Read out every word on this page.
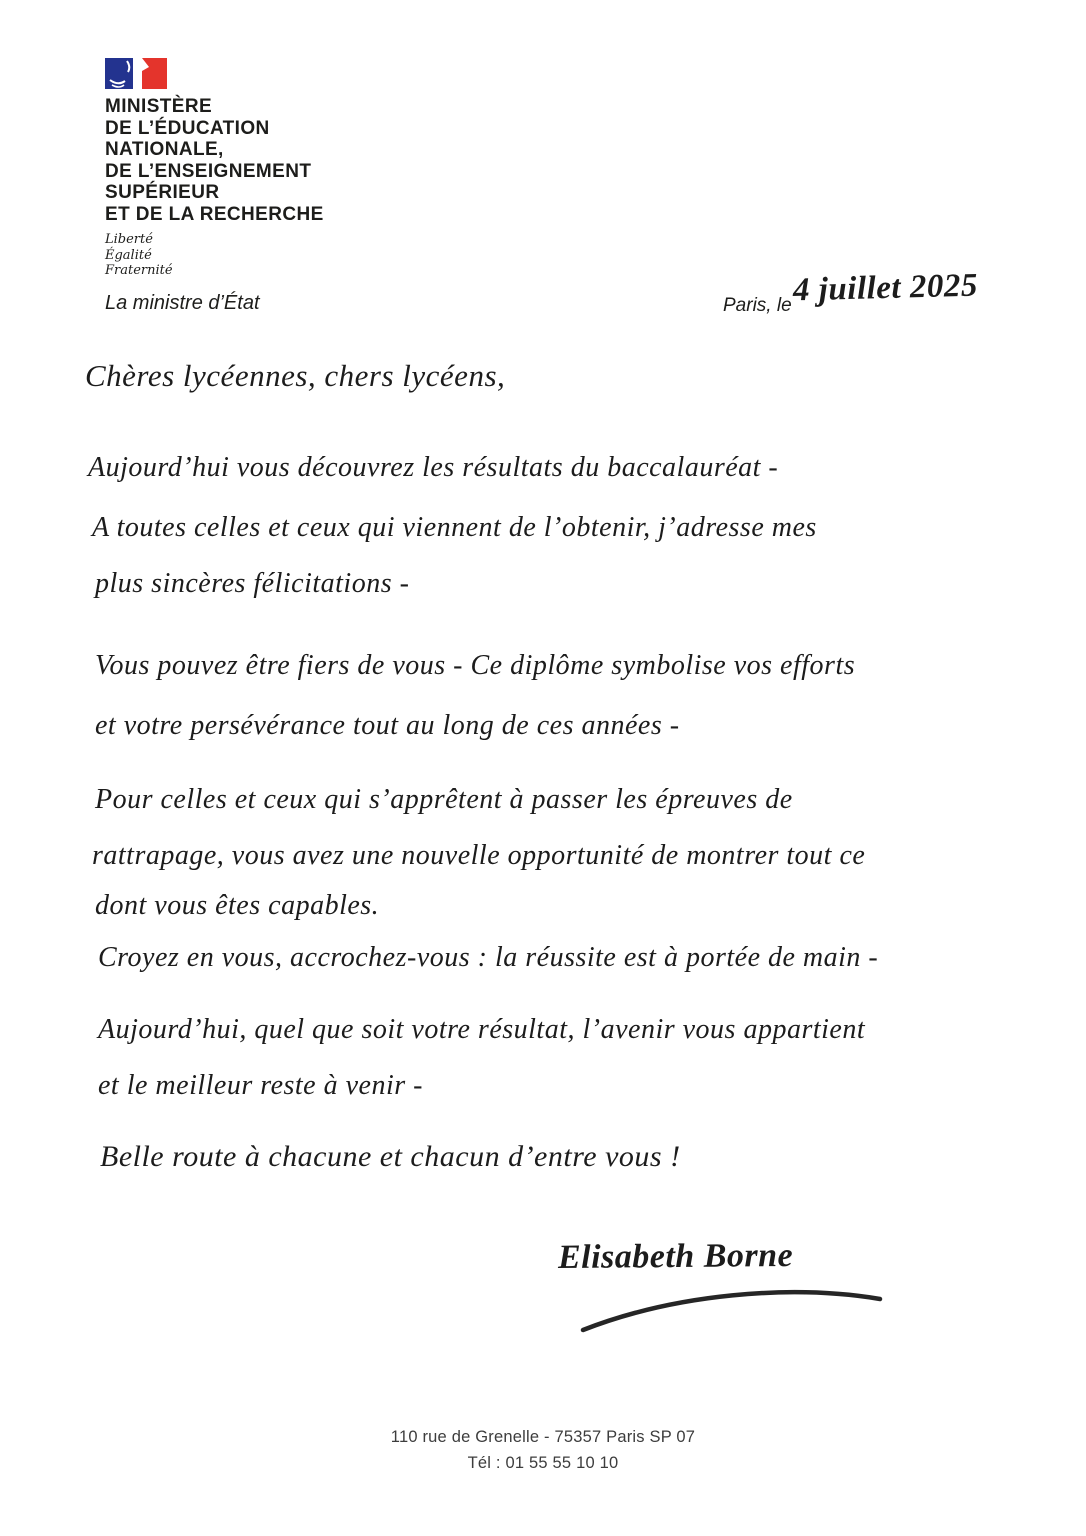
MINISTÈRE
DE L’ÉDUCATION
NATIONALE,
DE L’ENSEIGNEMENT
SUPÉRIEUR
ET DE LA RECHERCHE
Liberté
Égalité
Fraternité
La ministre d’État	Paris, le 4 juillet 2025
Chères lycéennes, chers lycéens,
Aujourd’hui vous découvrez les résultats du baccalauréat -
A toutes celles et ceux qui viennent de l’obtenir, j’adresse mes
plus sincères félicitations -
Vous pouvez être fiers de vous - Ce diplôme symbolise vos efforts
et votre persévérance tout au long de ces années -
Pour celles et ceux qui s’apprêtent à passer les épreuves de
rattrapage, vous avez une nouvelle opportunité de montrer tout ce
dont vous êtes capables.
Croyez en vous, accrochez-vous : la réussite est à portée de main -
Aujourd’hui, quel que soit votre résultat, l’avenir vous appartient
et le meilleur reste à venir -
Belle route à chacune et chacun d’entre vous !
Elisabeth Borne
110 rue de Grenelle - 75357 Paris SP 07
Tél : 01 55 55 10 10
